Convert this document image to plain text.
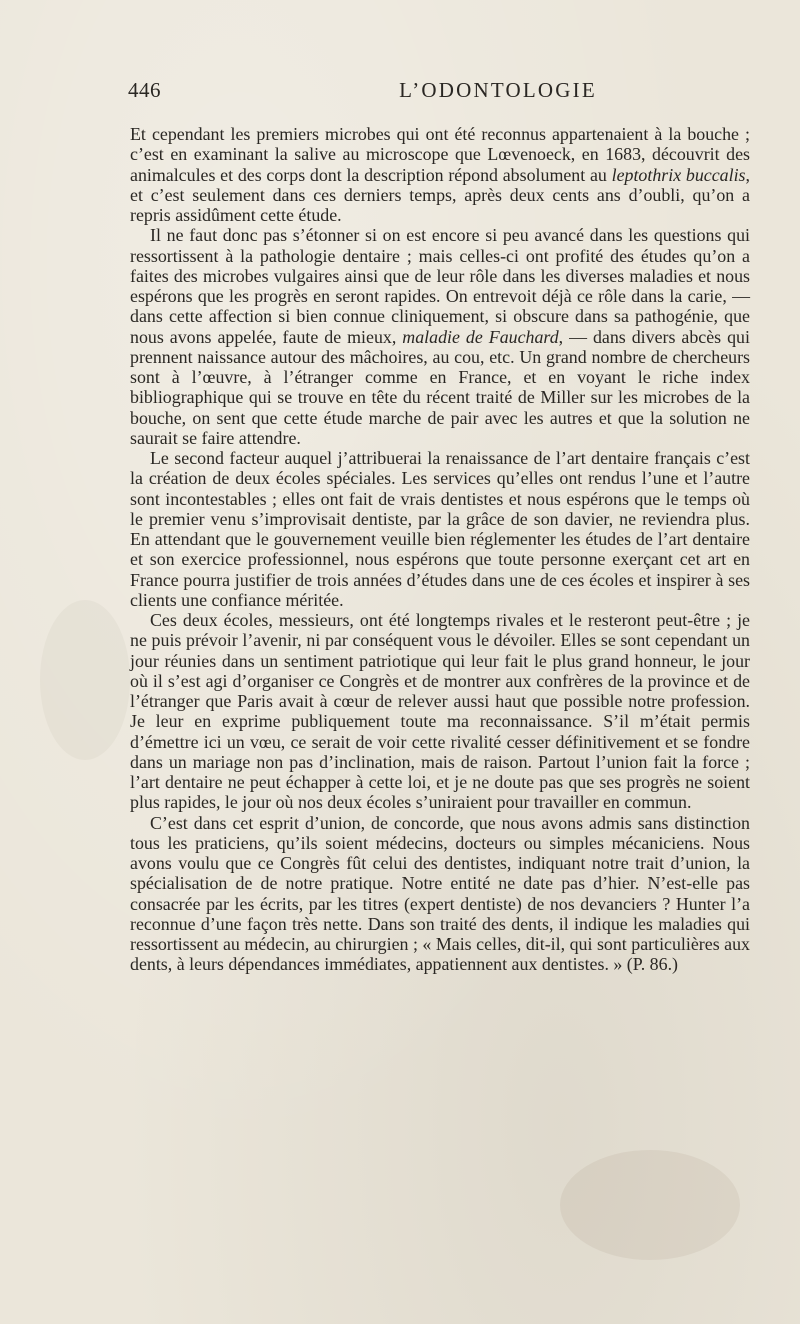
446	L’ODONTOLOGIE

Et cependant les premiers microbes qui ont été reconnus appartenaient à la bouche ; c’est en examinant la salive au microscope que Lœvenoeck, en 1683, découvrit des animalcules et des corps dont la description répond absolument au leptothrix buccalis, et c’est seulement dans ces derniers temps, après deux cents ans d’oubli, qu’on a repris assidûment cette étude.

Il ne faut donc pas s’étonner si on est encore si peu avancé dans les questions qui ressortissent à la pathologie dentaire ; mais celles-ci ont profité des études qu’on a faites des microbes vulgaires ainsi que de leur rôle dans les diverses maladies et nous espérons que les progrès en seront rapides. On entrevoit déjà ce rôle dans la carie, — dans cette affection si bien connue cliniquement, si obscure dans sa pathogénie, que nous avons appelée, faute de mieux, maladie de Fauchard, — dans divers abcès qui prennent naissance autour des mâchoires, au cou, etc. Un grand nombre de chercheurs sont à l’œuvre, à l’étranger comme en France, et en voyant le riche index bibliographique qui se trouve en tête du récent traité de Miller sur les microbes de la bouche, on sent que cette étude marche de pair avec les autres et que la solution ne saurait se faire attendre.

Le second facteur auquel j’attribuerai la renaissance de l’art dentaire français c’est la création de deux écoles spéciales. Les services qu’elles ont rendus l’une et l’autre sont incontestables ; elles ont fait de vrais dentistes et nous espérons que le temps où le premier venu s’improvisait dentiste, par la grâce de son davier, ne reviendra plus. En attendant que le gouvernement veuille bien réglementer les études de l’art dentaire et son exercice professionnel, nous espérons que toute personne exerçant cet art en France pourra justifier de trois années d’études dans une de ces écoles et inspirer à ses clients une confiance méritée.

Ces deux écoles, messieurs, ont été longtemps rivales et le resteront peut-être ; je ne puis prévoir l’avenir, ni par conséquent vous le dévoiler. Elles se sont cependant un jour réunies dans un sentiment patriotique qui leur fait le plus grand honneur, le jour où il s’est agi d’organiser ce Congrès et de montrer aux confrères de la province et de l’étranger que Paris avait à cœur de relever aussi haut que possible notre profession. Je leur en exprime publiquement toute ma reconnaissance. S’il m’était permis d’émettre ici un vœu, ce serait de voir cette rivalité cesser définitivement et se fondre dans un mariage non pas d’inclination, mais de raison. Partout l’union fait la force ; l’art dentaire ne peut échapper à cette loi, et je ne doute pas que ses progrès ne soient plus rapides, le jour où nos deux écoles s’uniraient pour travailler en commun.

C’est dans cet esprit d’union, de concorde, que nous avons admis sans distinction tous les praticiens, qu’ils soient médecins, docteurs ou simples mécaniciens. Nous avons voulu que ce Congrès fût celui des dentistes, indiquant notre trait d’union, la spécialisation de de notre pratique. Notre entité ne date pas d’hier. N’est-elle pas consacrée par les écrits, par les titres (expert dentiste) de nos devanciers ? Hunter l’a reconnue d’une façon très nette. Dans son traité des dents, il indique les maladies qui ressortissent au médecin, au chirurgien ; « Mais celles, dit-il, qui sont particulières aux dents, à leurs dépendances immédiates, appatiennent aux dentistes. » (P. 86.)
